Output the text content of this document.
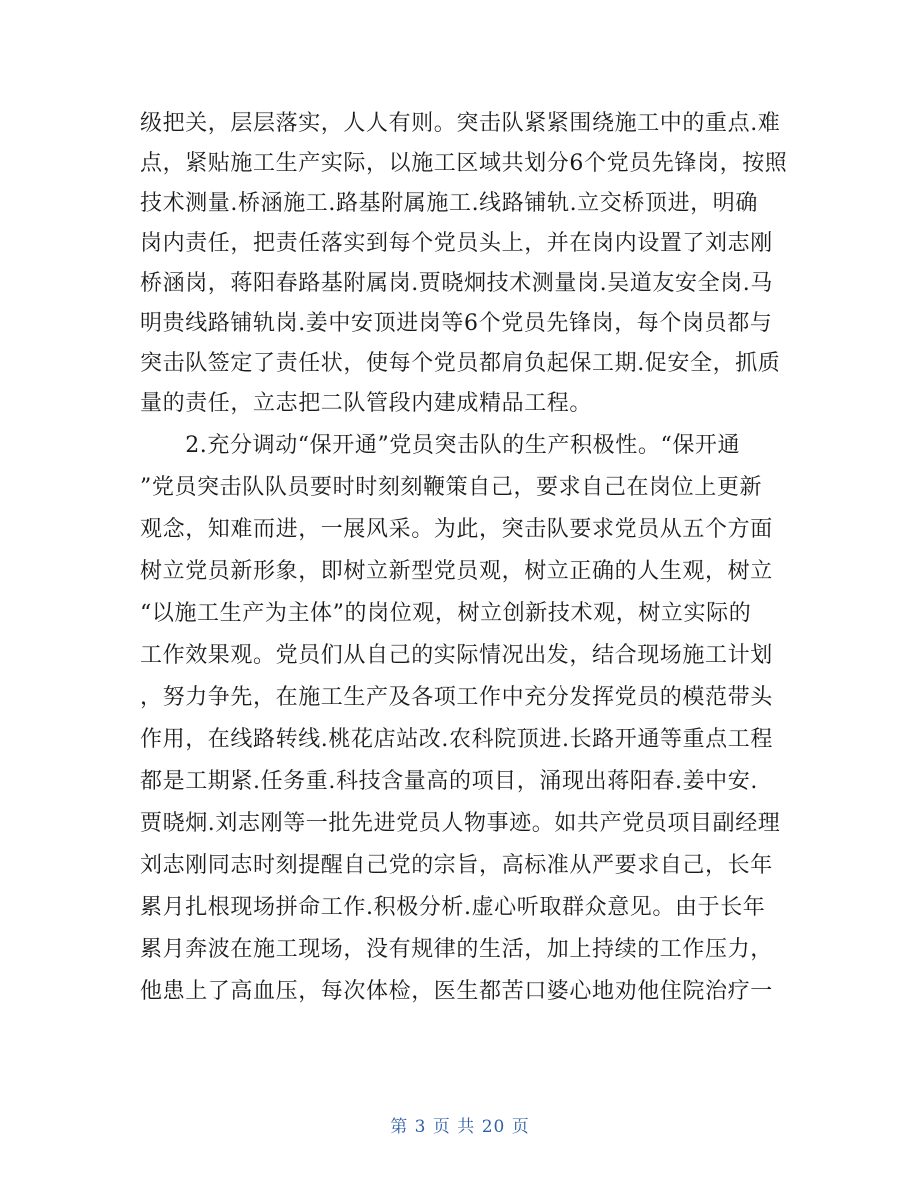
级把关，层层落实，人人有则。突击队紧紧围绕施工中的重点.难
点，紧贴施工生产实际，以施工区域共划分6个党员先锋岗，按照
技术测量.桥涵施工.路基附属施工.线路铺轨.立交桥顶进，明确
岗内责任，把责任落实到每个党员头上，并在岗内设置了刘志刚
桥涵岗，蒋阳春路基附属岗.贾晓炯技术测量岗.吴道友安全岗.马
明贵线路铺轨岗.姜中安顶进岗等6个党员先锋岗，每个岗员都与
突击队签定了责任状，使每个党员都肩负起保工期.促安全，抓质
量的责任，立志把二队管段内建成精品工程。
　　2.充分调动“保开通”党员突击队的生产积极性。“保开通
”党员突击队队员要时时刻刻鞭策自己，要求自己在岗位上更新
观念，知难而进，一展风采。为此，突击队要求党员从五个方面
树立党员新形象，即树立新型党员观，树立正确的人生观，树立
“以施工生产为主体”的岗位观，树立创新技术观，树立实际的
工作效果观。党员们从自己的实际情况出发，结合现场施工计划
，努力争先，在施工生产及各项工作中充分发挥党员的模范带头
作用，在线路转线.桃花店站改.农科院顶进.长路开通等重点工程
都是工期紧.任务重.科技含量高的项目，涌现出蒋阳春.姜中安.
贾晓炯.刘志刚等一批先进党员人物事迹。如共产党员项目副经理
刘志刚同志时刻提醒自己党的宗旨，高标准从严要求自己，长年
累月扎根现场拼命工作.积极分析.虚心听取群众意见。由于长年
累月奔波在施工现场，没有规律的生活，加上持续的工作压力，
他患上了高血压，每次体检，医生都苦口婆心地劝他住院治疗一
第 3 页 共 20 页
